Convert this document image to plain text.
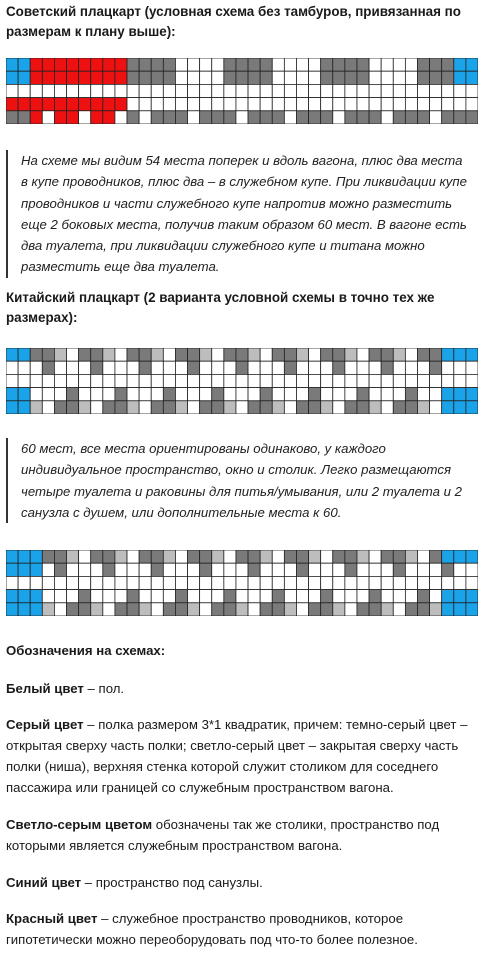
Советский плацкарт (условная схема без тамбуров, привязанная по размерам к плану выше):

На схеме мы видим 54 места поперек и вдоль вагона, плюс два места в купе проводников, плюс два – в служебном купе. При ликвидации купе проводников и части служебного купе напротив можно разместить еще 2 боковых места, получив таким образом 60 мест. В вагоне есть два туалета, при ликвидации служебного купе и титана можно разместить еще два туалета.

Китайский плацкарт (2 варианта условной схемы в точно тех же размерах):

60 мест, все места ориентированы одинаково, у каждого индивидуальное пространство, окно и столик. Легко размещаются четыре туалета и раковины для питья/умывания, или 2 туалета и 2 санузла с душем, или дополнительные места к 60.

Обозначения на схемах:

Белый цвет – пол.

Серый цвет – полка размером 3*1 квадратик, причем: темно-серый цвет – открытая сверху часть полки; светло-серый цвет – закрытая сверху часть полки (ниша), верхняя стенка которой служит столиком для соседнего пассажира или границей со служебным пространством вагона.

Светло-серым цветом обозначены так же столики, пространство под которыми является служебным пространством вагона.

Синий цвет – пространство под санузлы.

Красный цвет – служебное пространство проводников, которое гипотетически можно переоборудовать под что-то более полезное.
